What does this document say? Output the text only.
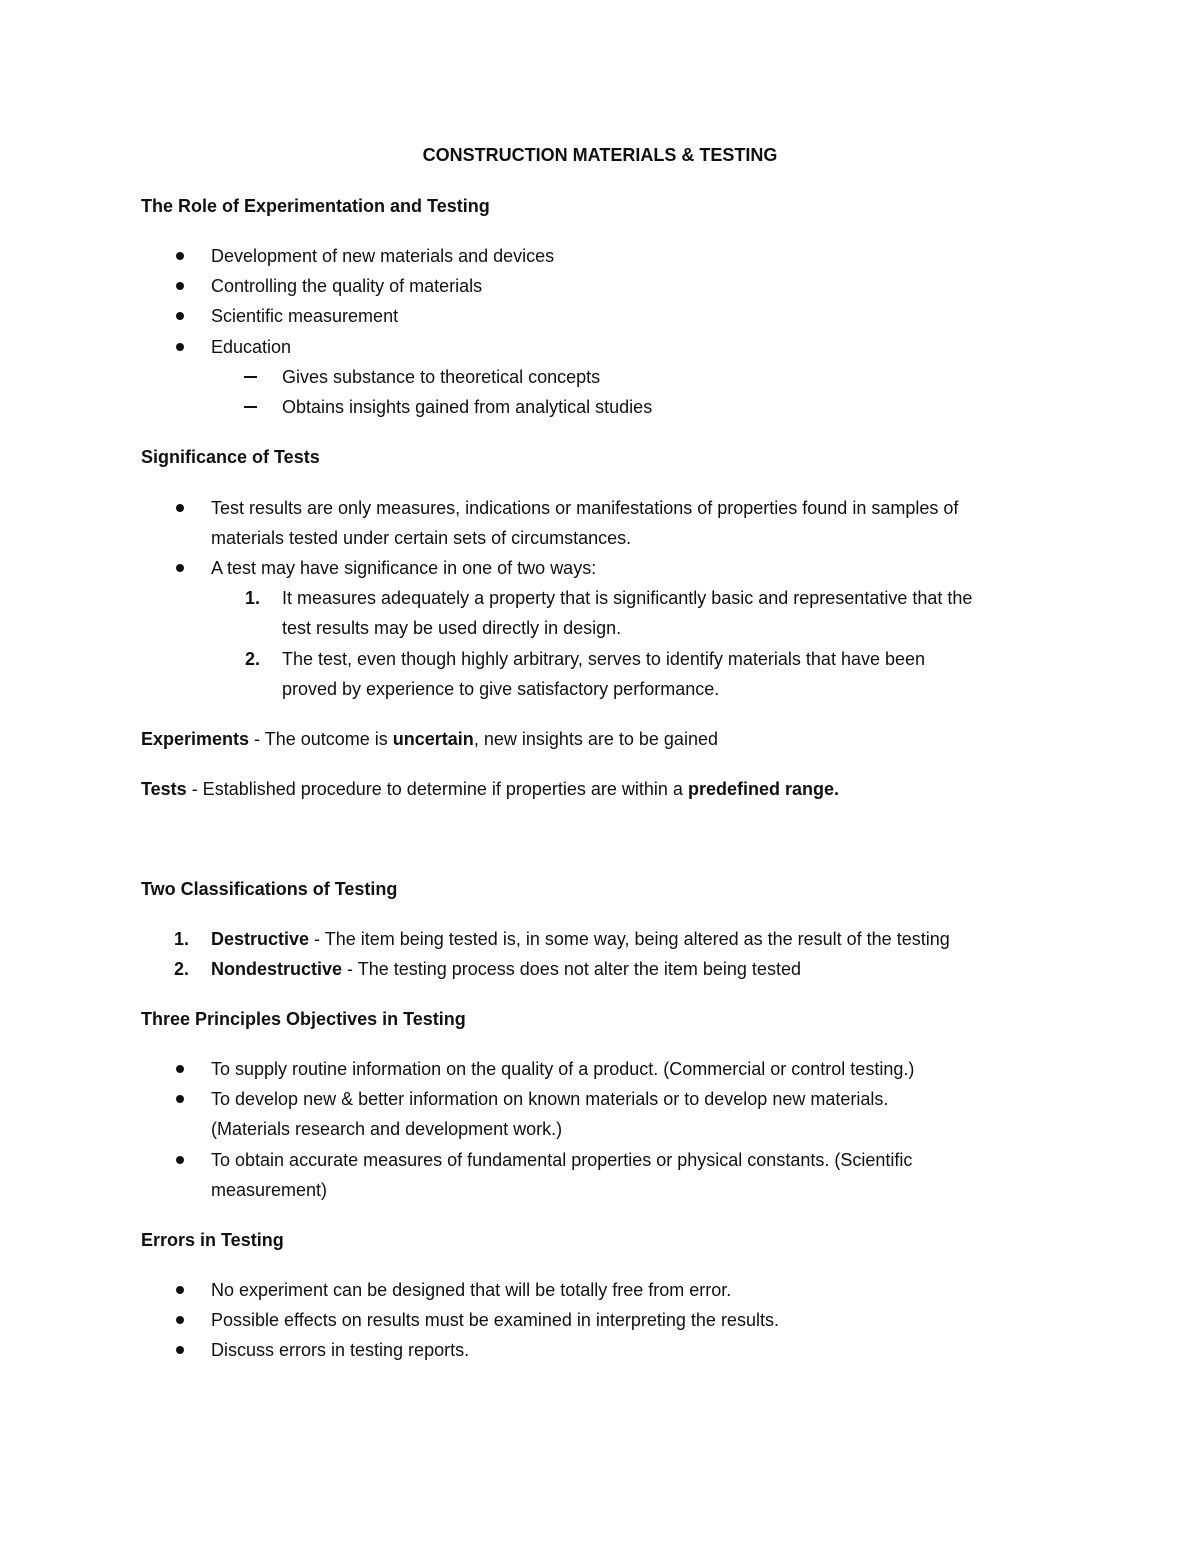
CONSTRUCTION MATERIALS & TESTING
The Role of Experimentation and Testing
Development of new materials and devices
Controlling the quality of materials
Scientific measurement
Education
Gives substance to theoretical concepts
Obtains insights gained from analytical studies
Significance of Tests
Test results are only measures, indications or manifestations of properties found in samples of
materials tested under certain sets of circumstances.
A test may have significance in one of two ways:
1. It measures adequately a property that is significantly basic and representative that the
test results may be used directly in design.
2. The test, even though highly arbitrary, serves to identify materials that have been
proved by experience to give satisfactory performance.
Experiments - The outcome is uncertain, new insights are to be gained
Tests - Established procedure to determine if properties are within a predefined range.
Two Classifications of Testing
1. Destructive - The item being tested is, in some way, being altered as the result of the testing
2. Nondestructive - The testing process does not alter the item being tested
Three Principles Objectives in Testing
To supply routine information on the quality of a product. (Commercial or control testing.)
To develop new & better information on known materials or to develop new materials.
(Materials research and development work.)
To obtain accurate measures of fundamental properties or physical constants. (Scientific
measurement)
Errors in Testing
No experiment can be designed that will be totally free from error.
Possible effects on results must be examined in interpreting the results.
Discuss errors in testing reports.
